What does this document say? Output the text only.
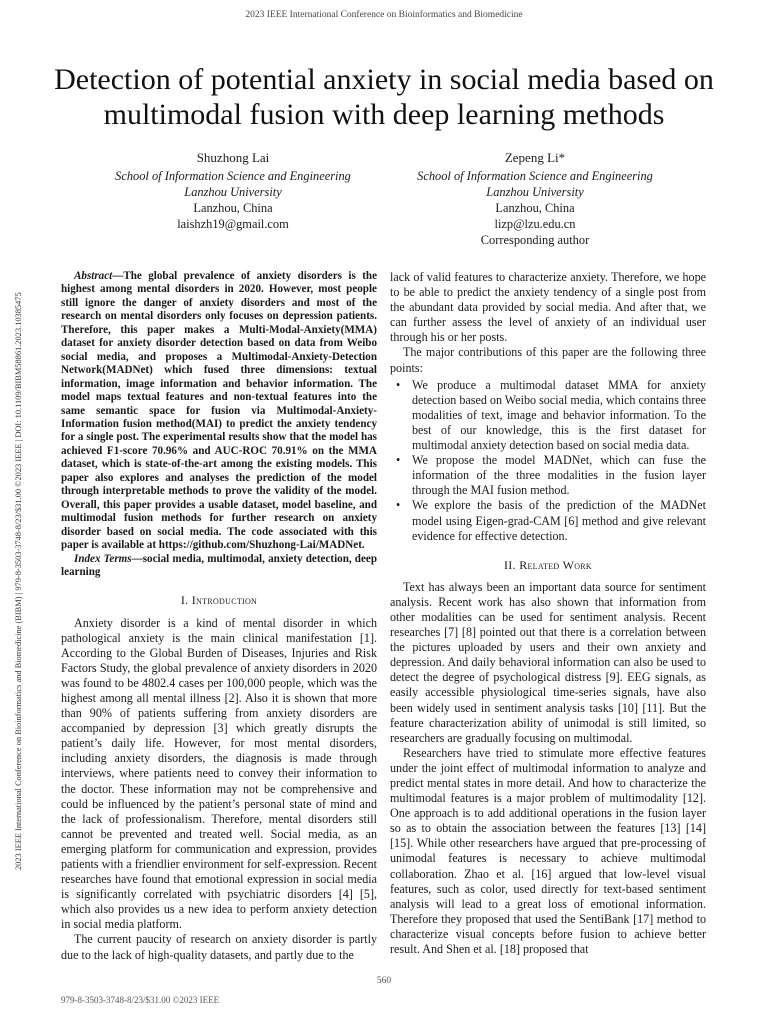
2023 IEEE International Conference on Bioinformatics and Biomedicine
2023 IEEE International Conference on Bioinformatics and Biomedicine (BIBM) | 979-8-3503-3748-8/23/$31.00 ©2023 IEEE | DOI: 10.1109/BIBM58861.2023.10385475
Detection of potential anxiety in social media based on multimodal fusion with deep learning methods
Shuzhong Lai
School of Information Science and Engineering
Lanzhou University
Lanzhou, China
laishzh19@gmail.com
Zepeng Li*
School of Information Science and Engineering
Lanzhou University
Lanzhou, China
lizp@lzu.edu.cn
Corresponding author

Abstract—The global prevalence of anxiety disorders is the highest among mental disorders in 2020. However, most people still ignore the danger of anxiety disorders and most of the research on mental disorders only focuses on depression patients. Therefore, this paper makes a Multi-Modal-Anxiety(MMA) dataset for anxiety disorder detection based on data from Weibo social media, and proposes a Multimodal-Anxiety-Detection Network(MADNet) which fused three dimensions: textual information, image information and behavior information. The model maps textual features and non-textual features into the same semantic space for fusion via Multimodal-Anxiety-Information fusion method(MAI) to predict the anxiety tendency for a single post. The experimental results show that the model has achieved F1-score 70.96% and AUC-ROC 70.91% on the MMA dataset, which is state-of-the-art among the existing models. This paper also explores and analyses the prediction of the model through interpretable methods to prove the validity of the model. Overall, this paper provides a usable dataset, model baseline, and multimodal fusion methods for further research on anxiety disorder based on social media. The code associated with this paper is available at https://github.com/Shuzhong-Lai/MADNet.

Index Terms—social media, multimodal, anxiety detection, deep learning

I. Introduction

Anxiety disorder is a kind of mental disorder in which pathological anxiety is the main clinical manifestation [1]. According to the Global Burden of Diseases, Injuries and Risk Factors Study, the global prevalence of anxiety disorders in 2020 was found to be 4802.4 cases per 100,000 people, which was the highest among all mental illness [2]. Also it is shown that more than 90% of patients suffering from anxiety disorders are accompanied by depression [3] which greatly disrupts the patient’s daily life. However, for most mental disorders, including anxiety disorders, the diagnosis is made through interviews, where patients need to convey their information to the doctor. These information may not be comprehensive and could be influenced by the patient’s personal state of mind and the lack of professionalism. Therefore, mental disorders still cannot be prevented and treated well. Social media, as an emerging platform for communication and expression, provides patients with a friendlier environment for self-expression. Recent researches have found that emotional expression in social media is significantly correlated with psychiatric disorders [4] [5], which also provides us a new idea to perform anxiety detection in social media platform.

The current paucity of research on anxiety disorder is partly due to the lack of high-quality datasets, and partly due to the

lack of valid features to characterize anxiety. Therefore, we hope to be able to predict the anxiety tendency of a single post from the abundant data provided by social media. And after that, we can further assess the level of anxiety of an individual user through his or her posts.

The major contributions of this paper are the following three points:

• We produce a multimodal dataset MMA for anxiety detection based on Weibo social media, which contains three modalities of text, image and behavior information. To the best of our knowledge, this is the first dataset for multimodal anxiety detection based on social media data.
• We propose the model MADNet, which can fuse the information of the three modalities in the fusion layer through the MAI fusion method.
• We explore the basis of the prediction of the MADNet model using Eigen-grad-CAM [6] method and give relevant evidence for effective detection.
II. Related Work

Text has always been an important data source for sentiment analysis. Recent work has also shown that information from other modalities can be used for sentiment analysis. Recent researches [7] [8] pointed out that there is a correlation between the pictures uploaded by users and their own anxiety and depression. And daily behavioral information can also be used to detect the degree of psychological distress [9]. EEG signals, as easily accessible physiological time-series signals, have also been widely used in sentiment analysis tasks [10] [11]. But the feature characterization ability of unimodal is still limited, so researchers are gradually focusing on multimodal.

Researchers have tried to stimulate more effective features under the joint effect of multimodal information to analyze and predict mental states in more detail. And how to characterize the multimodal features is a major problem of multimodality [12]. One approach is to add additional operations in the fusion layer so as to obtain the association between the features [13] [14] [15]. While other researchers have argued that pre-processing of unimodal features is necessary to achieve multimodal collaboration. Zhao et al. [16] argued that low-level visual features, such as color, used directly for text-based sentiment analysis will lead to a great loss of emotional information. Therefore they proposed that used the SentiBank [17] method to characterize visual concepts before fusion to achieve better result. And Shen et al. [18] proposed that

560
979-8-3503-3748-8/23/$31.00 ©2023 IEEE
